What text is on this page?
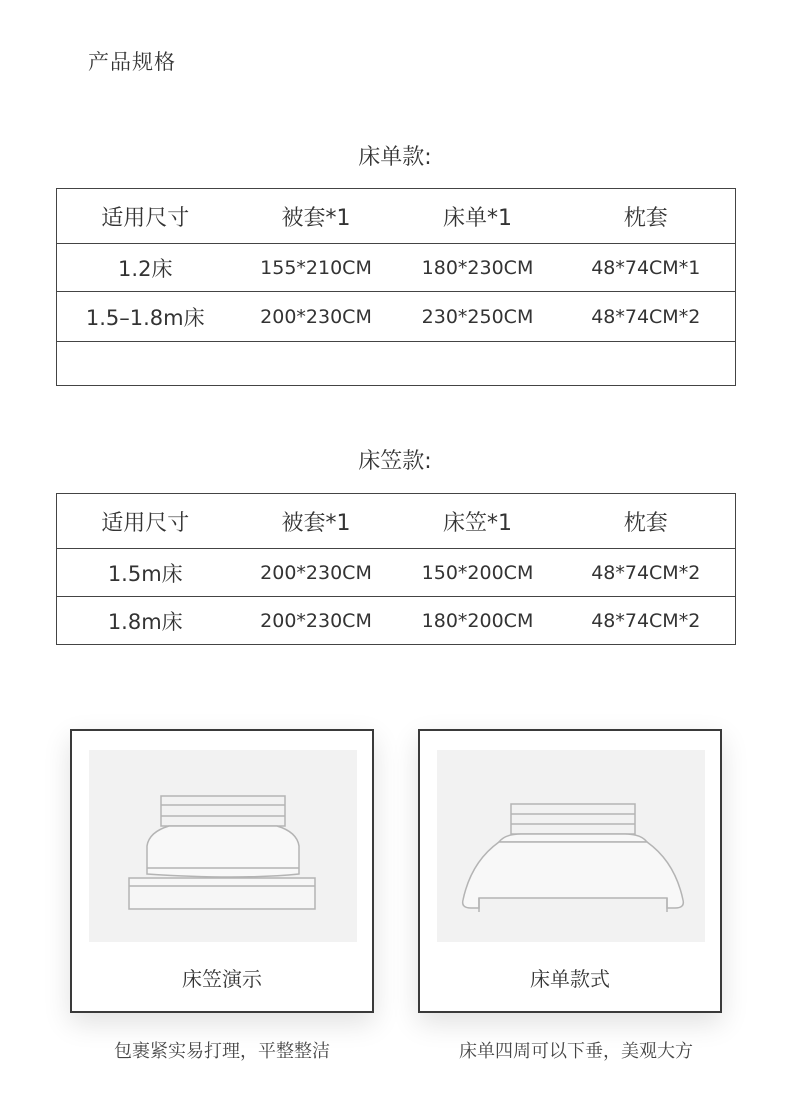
产品规格
床单款:
适用尺寸	被套*1	床单*1	枕套
1.2床	155*210CM	180*230CM	48*74CM*1
1.5–1.8m床	200*230CM	230*250CM	48*74CM*2

床笠款:
适用尺寸	被套*1	床笠*1	枕套
1.5m床	200*230CM	150*200CM	48*74CM*2
1.8m床	200*230CM	180*200CM	48*74CM*2
床笠演示	床单款式
包裹紧实易打理，平整整洁	床单四周可以下垂，美观大方
